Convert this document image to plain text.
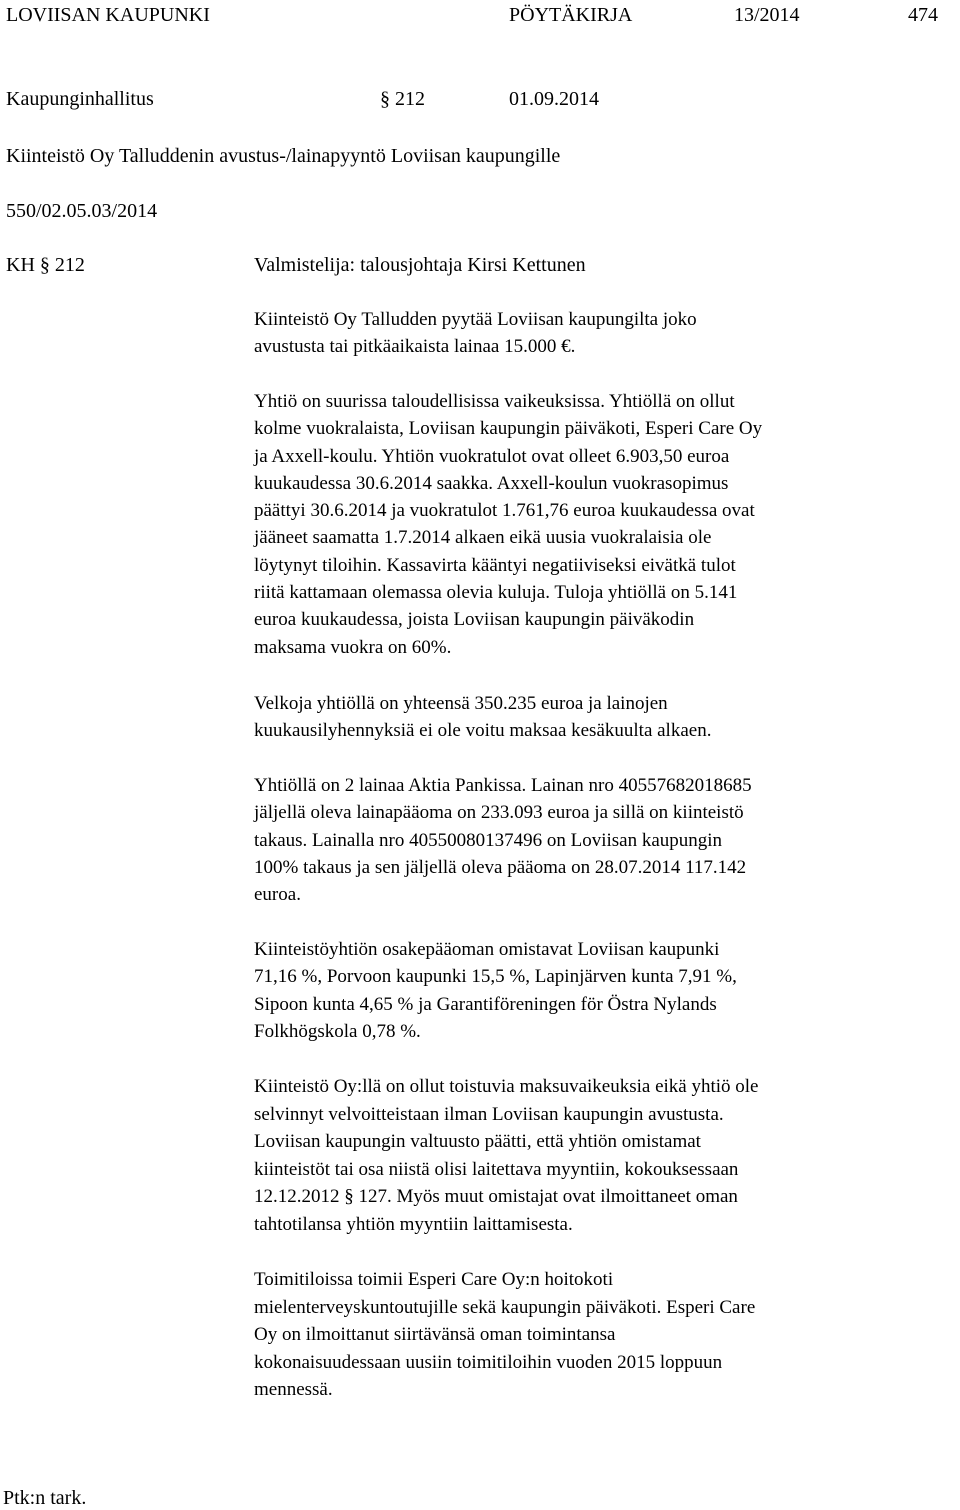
LOVIISAN KAUPUNKI	PÖYTÄKIRJA	13/2014	474
Kaupunginhallitus	§ 212	01.09.2014
Kiinteistö Oy Talluddenin avustus-/lainapyyntö Loviisan kaupungille
550/02.05.03/2014
KH § 212	Valmistelija: talousjohtaja Kirsi Kettunen
Kiinteistö Oy Talludden pyytää Loviisan kaupungilta joko
avustusta tai pitkäaikaista lainaa 15.000 €.
Yhtiö on suurissa taloudellisissa vaikeuksissa. Yhtiöllä on ollut
kolme vuokralaista, Loviisan kaupungin päiväkoti, Esperi Care Oy
ja Axxell-koulu. Yhtiön vuokratulot ovat olleet 6.903,50 euroa
kuukaudessa 30.6.2014 saakka. Axxell-koulun vuokrasopimus
päättyi 30.6.2014 ja vuokratulot 1.761,76 euroa kuukaudessa ovat
jääneet saamatta 1.7.2014 alkaen eikä uusia vuokralaisia ole
löytynyt tiloihin. Kassavirta kääntyi negatiiviseksi eivätkä tulot
riitä kattamaan olemassa olevia kuluja. Tuloja yhtiöllä on 5.141
euroa kuukaudessa, joista Loviisan kaupungin päiväkodin
maksama vuokra on 60%.
Velkoja yhtiöllä on yhteensä 350.235 euroa ja lainojen
kuukausilyhennyksiä ei ole voitu maksaa kesäkuulta alkaen.
Yhtiöllä on 2 lainaa Aktia Pankissa. Lainan nro 40557682018685
jäljellä oleva lainapääoma on 233.093 euroa ja sillä on kiinteistö
takaus. Lainalla nro 40550080137496 on Loviisan kaupungin
100% takaus ja sen jäljellä oleva pääoma on 28.07.2014 117.142
euroa.
Kiinteistöyhtiön osakepääoman omistavat Loviisan kaupunki
71,16 %, Porvoon kaupunki 15,5 %, Lapinjärven kunta 7,91 %,
Sipoon kunta 4,65 % ja Garantiföreningen för Östra Nylands
Folkhögskola 0,78 %.
Kiinteistö Oy:llä on ollut toistuvia maksuvaikeuksia eikä yhtiö ole
selvinnyt velvoitteistaan ilman Loviisan kaupungin avustusta.
Loviisan kaupungin valtuusto päätti, että yhtiön omistamat
kiinteistöt tai osa niistä olisi laitettava myyntiin, kokouksessaan
12.12.2012 § 127. Myös muut omistajat ovat ilmoittaneet oman
tahtotilansa yhtiön myyntiin laittamisesta.
Toimitiloissa toimii Esperi Care Oy:n hoitokoti
mielenterveyskuntoutujille sekä kaupungin päiväkoti. Esperi Care
Oy on ilmoittanut siirtävänsä oman toimintansa
kokonaisuudessaan uusiin toimitiloihin vuoden 2015 loppuun
mennessä.
Ptk:n tark.
